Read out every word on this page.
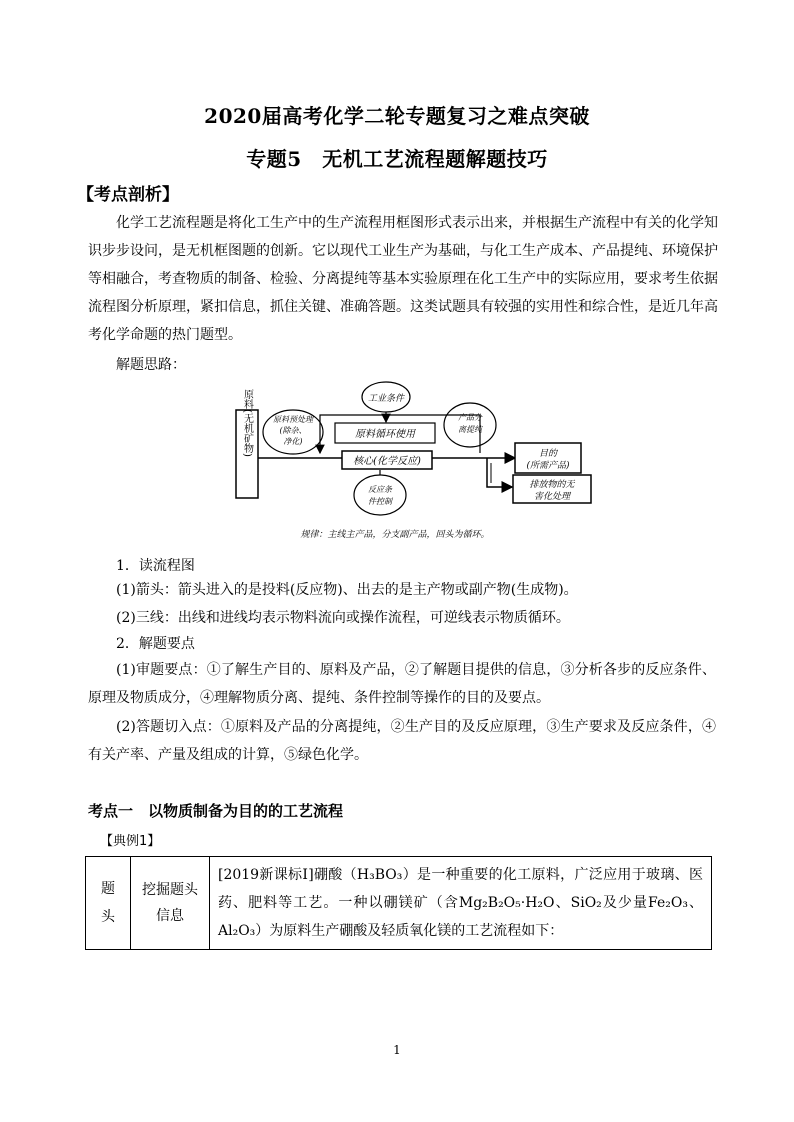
2020届高考化学二轮专题复习之难点突破
专题5　无机工艺流程题解题技巧
【考点剖析】
化学工艺流程题是将化工生产中的生产流程用框图形式表示出来，并根据生产流程中有关的化学知识步步设问，是无机框图题的创新。它以现代工业生产为基础，与化工生产成本、产品提纯、环境保护等相融合，考查物质的制备、检验、分离提纯等基本实验原理在化工生产中的实际应用，要求考生依据流程图分析原理，紧扣信息，抓住关键、准确答题。这类试题具有较强的实用性和综合性，是近几年高考化学命题的热门题型。
解题思路：
原料(无机矿物)	原料预处理
(除杂、
净化)
工业条件
原料循环使用
核心(化学反应)
反应条
件控制
产品分
离提纯
目的
(所需产品)
排放物的无
害化处理
规律：主线主产品，分支副产品，回头为循环。
1．读流程图
(1)箭头：箭头进入的是投料(反应物)、出去的是主产物或副产物(生成物)。
(2)三线：出线和进线均表示物料流向或操作流程，可逆线表示物质循环。
2．解题要点
(1)审题要点：①了解生产目的、原料及产品，②了解题目提供的信息，③分析各步的反应条件、原理及物质成分，④理解物质分离、提纯、条件控制等操作的目的及要点。
(2)答题切入点：①原料及产品的分离提纯，②生产目的及反应原理，③生产要求及反应条件，④有关产率、产量及组成的计算，⑤绿色化学。
考点一　以物质制备为目的的工艺流程
【典例1】
题头	挖掘题头信息	[2019新课标Ⅰ]硼酸（H₃BO₃）是一种重要的化工原料，广泛应用于玻璃、医药、肥料等工艺。一种以硼镁矿（含Mg₂B₂O₅·H₂O、SiO₂及少量Fe₂O₃、Al₂O₃）为原料生产硼酸及轻质氧化镁的工艺流程如下：
1
